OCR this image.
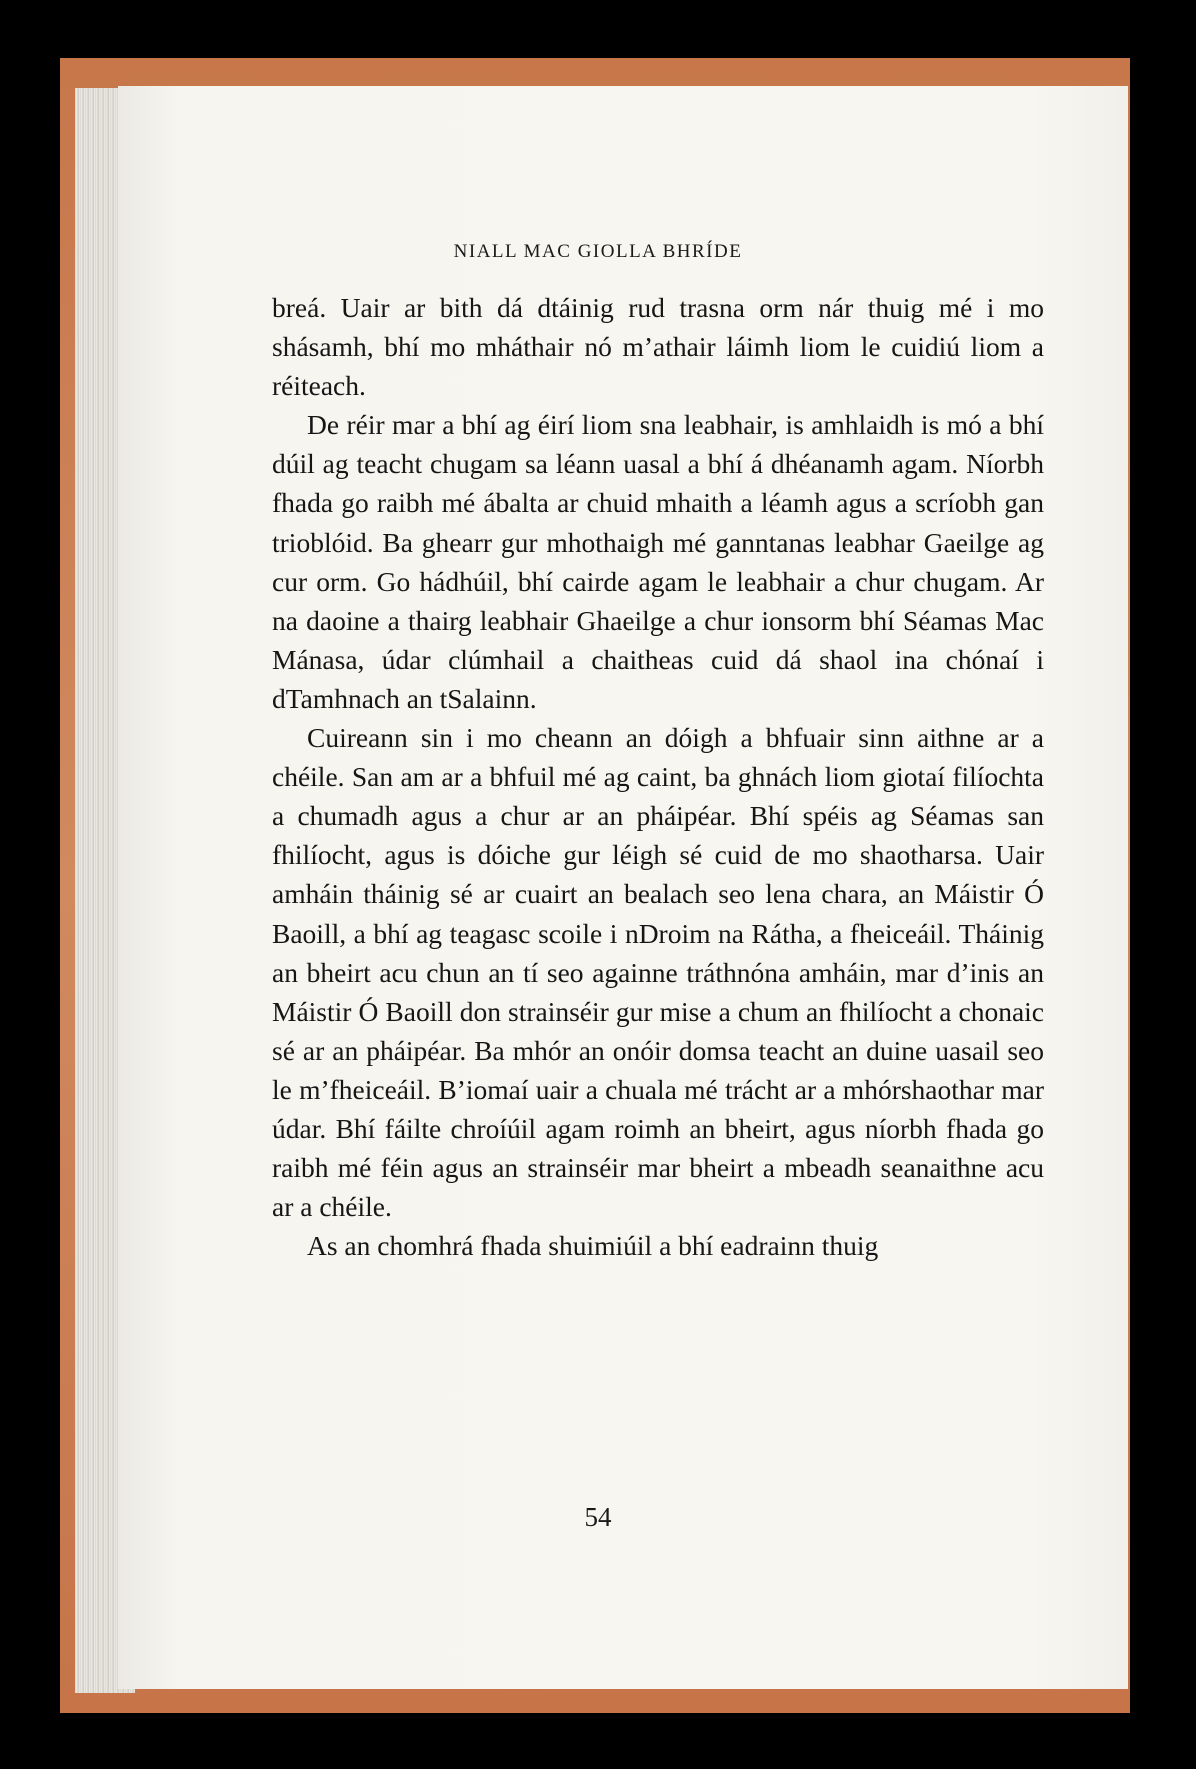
NIALL MAC GIOLLA BHRÍDE

breá. Uair ar bith dá dtáinig rud trasna orm nár thuig mé i mo shásamh, bhí mo mháthair nó m’athair láimh liom le cuidiú liom a réiteach.

De réir mar a bhí ag éirí liom sna leabhair, is amhlaidh is mó a bhí dúil ag teacht chugam sa léann uasal a bhí á dhéanamh agam. Níorbh fhada go raibh mé ábalta ar chuid mhaith a léamh agus a scríobh gan trioblóid. Ba ghearr gur mhothaigh mé ganntanas leabhar Gaeilge ag cur orm. Go hádhúil, bhí cairde agam le leabhair a chur chugam. Ar na daoine a thairg leabhair Ghaeilge a chur ionsorm bhí Séamas Mac Mánasa, údar clúmhail a chaitheas cuid dá shaol ina chónaí i dTamhnach an tSalainn.

Cuireann sin i mo cheann an dóigh a bhfuair sinn aithne ar a chéile. San am ar a bhfuil mé ag caint, ba ghnách liom giotaí filíochta a chumadh agus a chur ar an pháipéar. Bhí spéis ag Séamas san fhilíocht, agus is dóiche gur léigh sé cuid de mo shaotharsa. Uair amháin tháinig sé ar cuairt an bealach seo lena chara, an Máistir Ó Baoill, a bhí ag teagasc scoile i nDroim na Rátha, a fheiceáil. Tháinig an bheirt acu chun an tí seo againne tráthnóna amháin, mar d’inis an Máistir Ó Baoill don strainséir gur mise a chum an fhilíocht a chonaic sé ar an pháipéar. Ba mhór an onóir domsa teacht an duine uasail seo le m’fheiceáil. B’iomaí uair a chuala mé trácht ar a mhórshaothar mar údar. Bhí fáilte chroíúil agam roimh an bheirt, agus níorbh fhada go raibh mé féin agus an strainséir mar bheirt a mbeadh seanaithne acu ar a chéile.

As an chomhrá fhada shuimiúil a bhí eadrainn thuig

54
